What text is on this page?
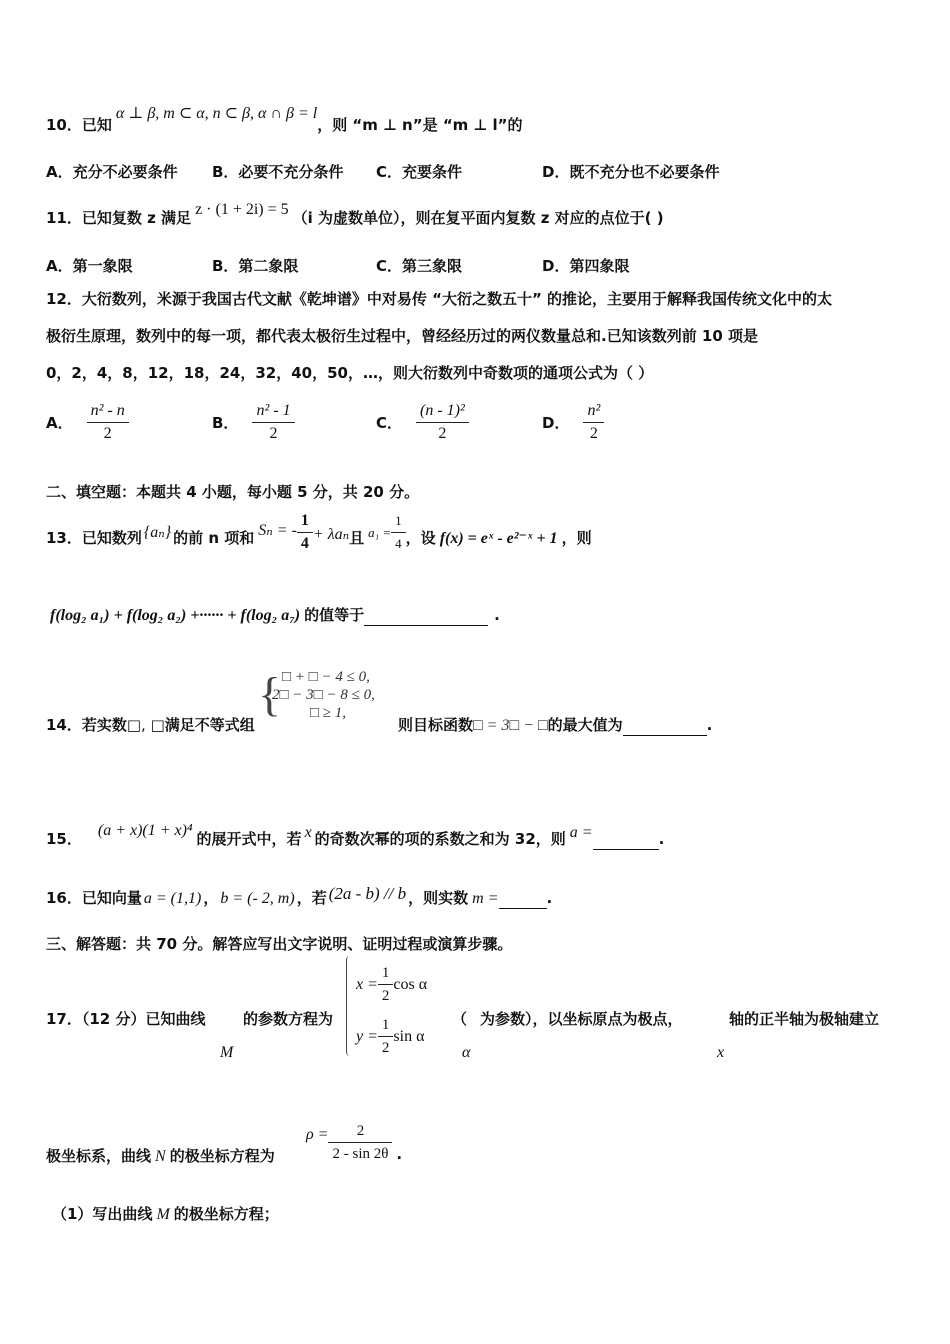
10．已知α ⊥ β, m ⊂ α, n ⊂ β, α ∩ β = l，则 “m ⊥ n”是 “m ⊥ l”的
A．充分不必要条件 B．必要不充分条件 C．充要条件	D．既不充分也不必要条件
11．已知复数 z 满足 z · (1 + 2i) = 5 （i 为虚数单位），则在复平面内复数 z 对应的点位于( )
A．第一象限	B．第二象限	C．第三象限	D．第四象限
12．大衍数列，米源于我国古代文献《乾坤谱》中对易传 “大衍之数五十” 的推论，主要用于解释我国传统文化中的太
极衍生原理，数列中的每一项，都代表太极衍生过程中，曾经经历过的两仪数量总和.已知该数列前 10 项是
0，2，4，8，12，18，24，32，40，50，…，则大衍数列中奇数项的通项公式为（ ）
A． $\frac{\text{n² - n}}{2}$	B． $\frac{\text{n² - 1}}{2}$	C． $\frac{\text{(n - 1)²}}{2}$	D． $\frac{\text{n²}}{2}$
二、填空题：本题共 4 小题，每小题 5 分，共 20 分。
13．已知数列 {aₙ} 的前 n 项和 Sₙ = - $\frac{1}{4} + \lambda a_n$且 $a_1 = \frac{1}{4}$ ，设 f(x) = eˣ - e²⁻ˣ + 1 ，则
f(log₂ a₁) + f(log₂ a₂) +······ + f(log₂ a₇) 的值等于	.
{ □ + □ − 4 ≤ 0,
2□ − 3□ − 8 ≤ 0,
□ ≥ 1,
14．若实数□, □满足不等式组	则目标函数□ = 3□ − □的最大值为	.
15． (a + x)(1 + x)⁴ 的展开式中，若 x 的奇数次幂的项的系数之和为 32，则 a =	.
16．已知向量 a = (1,1) ， b = (- 2, m) ，若 (2a - b) // b ，则实数 m =	.
三、解答题：共 70 分。解答应写出文字说明、证明过程或演算步骤。
$x = \frac{1}{2}$ cos α
$y = \frac{1}{2}$ sin α
17．（12 分）已知曲线
M
的参数方程为	（
α
为参数），以坐标原点为极点，
x
轴的正半轴为极轴建立
极坐标系，曲线 N 的极坐标方程为
$\rho = \frac{2}{2 - \sin 2\theta}$ .
（1）写出曲线 M 的极坐标方程；
